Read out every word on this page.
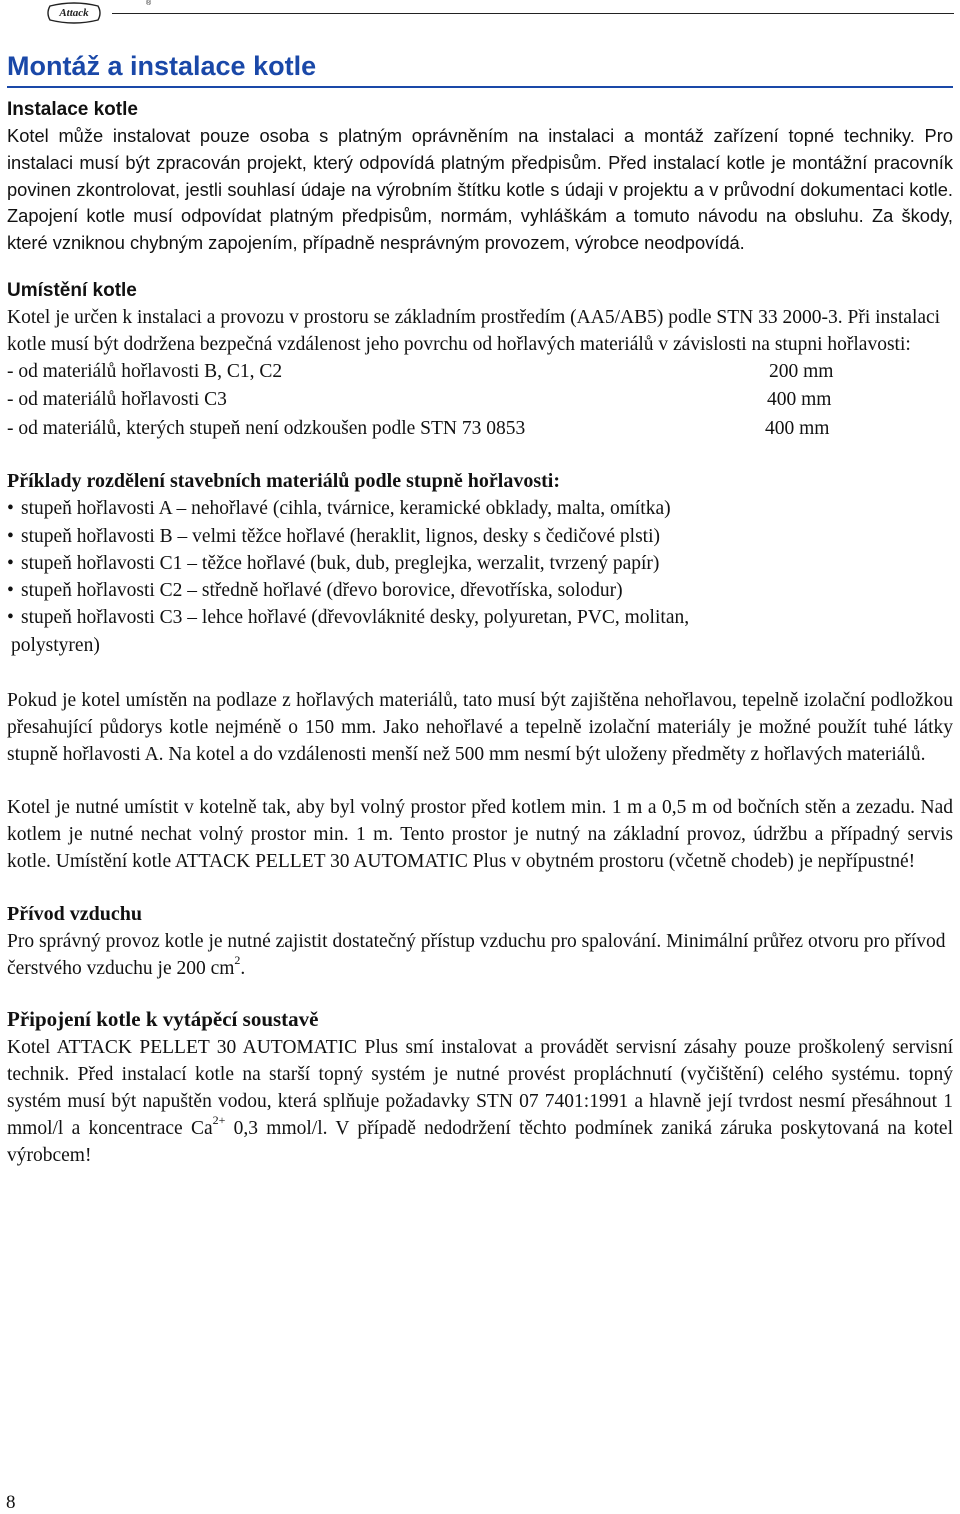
Attack
®
Montáž a instalace kotle

Instalace kotle

Kotel může instalovat pouze osoba s platným oprávněním na instalaci a montáž zařízení topné techniky. Pro instalaci musí být zpracován projekt, který odpovídá platným předpisům. Před instalací kotle je montážní pracovník povinen zkontrolovat, jestli souhlasí údaje na výrobním štítku kotle s údaji v projektu a v průvodní dokumentaci kotle. Zapojení kotle musí odpovídat platným předpisům, normám, vyhláškám a tomuto návodu na obsluhu. Za škody, které vzniknou chybným zapojením, případně nesprávným provozem, výrobce neodpovídá.

Umístění kotle

Kotel je určen k instalaci a provozu v prostoru se základním prostředím (AA5/AB5) podle STN 33 2000-3. Při instalaci kotle musí být dodržena bezpečná vzdálenost jeho povrchu od hořlavých materiálů v závislosti na stupni hořlavosti:

- od materiálů hořlavosti B, C1, C2	200 mm
- od materiálů hořlavosti C3	400 mm
- od materiálů, kterých stupeň není odzkoušen podle STN 73 0853	400 mm

Příklady rozdělení stavebních materiálů podle stupně hořlavosti:

• stupeň hořlavosti A – nehořlavé (cihla, tvárnice, keramické obklady, malta, omítka)

• stupeň hořlavosti B – velmi těžce hořlavé (heraklit, lignos, desky s čedičové plsti)

• stupeň hořlavosti C1 – těžce hořlavé (buk, dub, preglejka, werzalit, tvrzený papír)

• stupeň hořlavosti C2 – středně hořlavé (dřevo borovice, dřevotříska, solodur)

• stupeň hořlavosti C3 – lehce hořlavé (dřevovláknité desky, polyuretan, PVC, molitan,

polystyren)

Pokud je kotel umístěn na podlaze z hořlavých materiálů, tato musí být zajištěna nehořlavou, tepelně izolační podložkou přesahující půdorys kotle nejméně o 150 mm. Jako nehořlavé a tepelně izolační materiály je možné použít tuhé látky stupně hořlavosti A. Na kotel a do vzdálenosti menší než 500 mm nesmí být uloženy předměty z hořlavých materiálů.

Kotel je nutné umístit v kotelně tak, aby byl volný prostor před kotlem min. 1 m a 0,5 m od bočních stěn a zezadu. Nad kotlem je nutné nechat volný prostor min. 1 m. Tento prostor je nutný na základní provoz, údržbu a případný servis kotle. Umístění kotle ATTACK PELLET 30 AUTOMATIC Plus v obytném prostoru (včetně chodeb) je nepřípustné!

Přívod vzduchu

Pro správný provoz kotle je nutné zajistit dostatečný přístup vzduchu pro spalování. Minimální průřez otvoru pro přívod čerstvého vzduchu je 200 $cm^2$.

Připojení kotle k vytápěcí soustavě

Kotel ATTACK PELLET 30 AUTOMATIC Plus smí instalovat a provádět servisní zásahy pouze proškolený servisní technik. Před instalací kotle na starší topný systém je nutné provést propláchnutí (vyčištění) celého systému. topný systém musí být napuštěn vodou, která splňuje požadavky STN 07 7401:1991 a hlavně její tvrdost nesmí přesáhnout 1 mmol/l a koncentrace $Ca^{2+}$ 0,3 mmol/l. V případě nedodržení těchto podmínek zaniká záruka poskytovaná na kotel výrobcem!

8
